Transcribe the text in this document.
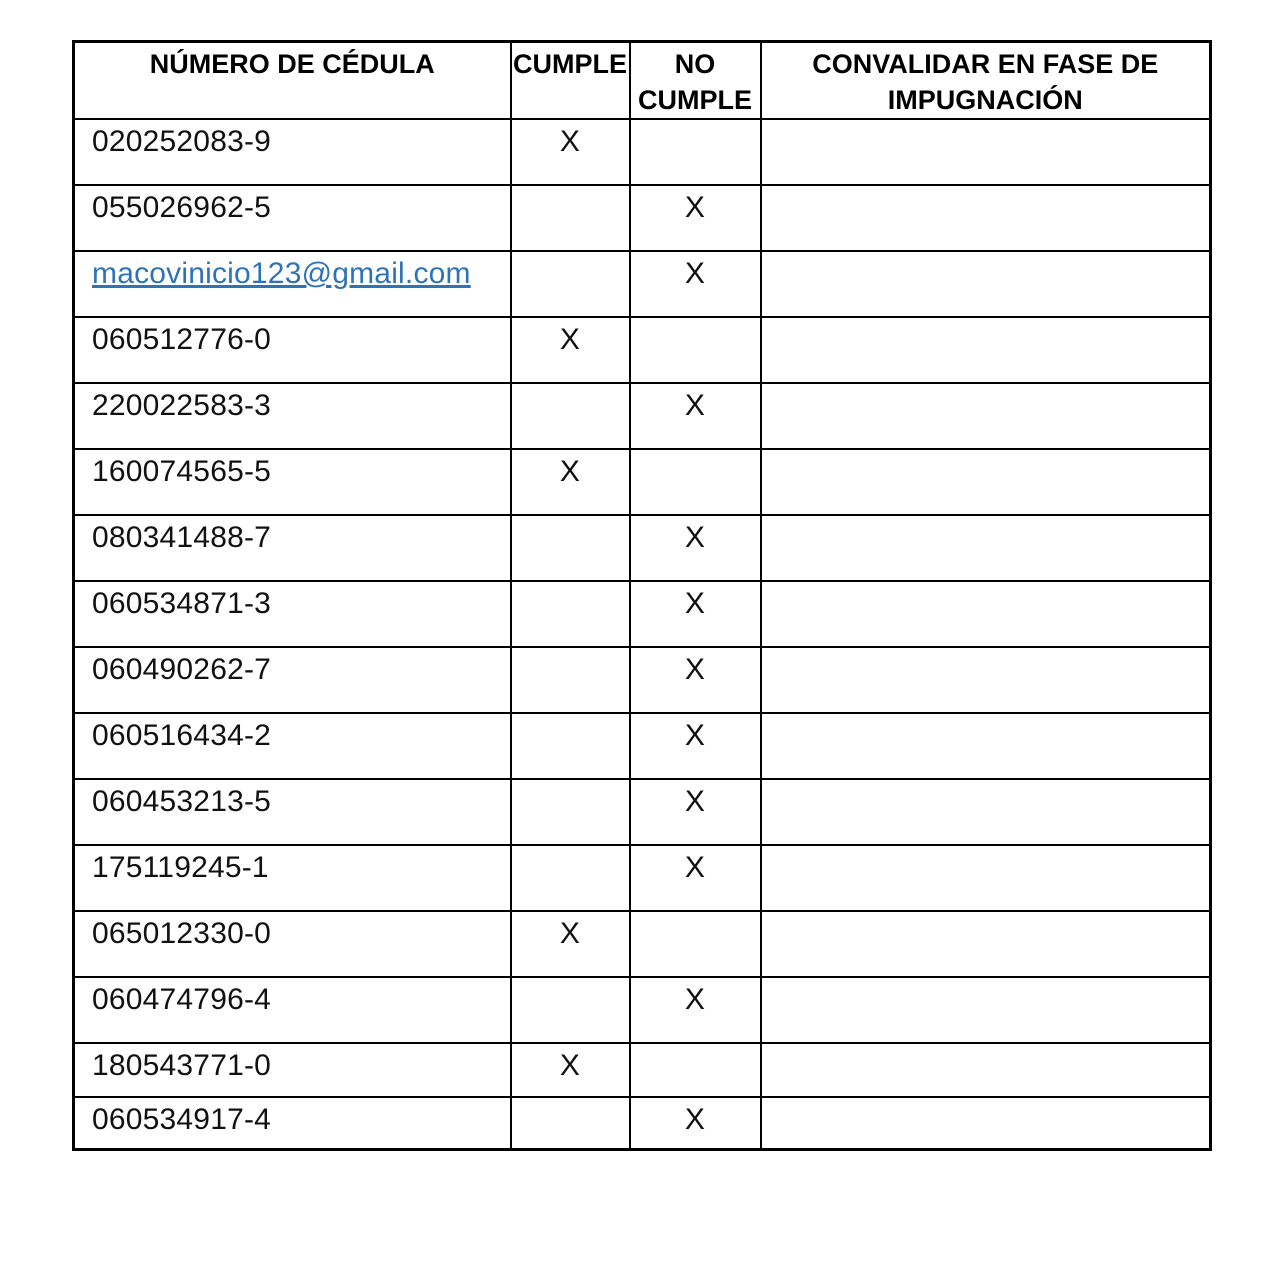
NÚMERO DE CÉDULA	CUMPLE	NO CUMPLE	CONVALIDAR EN FASE DE IMPUGNACIÓN
020252083-9	X		
055026962-5		X	
macovinicio123@gmail.com		X	
060512776-0	X		
220022583-3		X	
160074565-5	X		
080341488-7		X	
060534871-3		X	
060490262-7		X	
060516434-2		X	
060453213-5		X	
175119245-1		X	
065012330-0	X		
060474796-4		X	
180543771-0	X		
060534917-4		X	
